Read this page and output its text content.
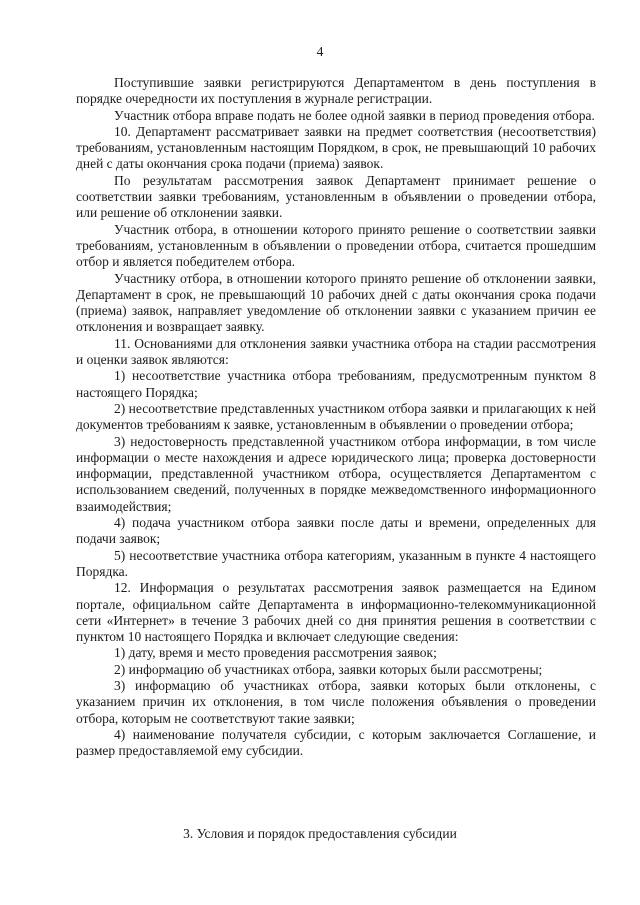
4

Поступившие заявки регистрируются Департаментом в день поступления в порядке очередности их поступления в журнале регистрации.

Участник отбора вправе подать не более одной заявки в период проведения отбора.

10. Департамент рассматривает заявки на предмет соответствия (несоответствия) требованиям, установленным настоящим Порядком, в срок, не превышающий 10 рабочих дней с даты окончания срока подачи (приема) заявок.

По результатам рассмотрения заявок Департамент принимает решение о соответствии заявки требованиям, установленным в объявлении о проведении отбора, или решение об отклонении заявки.

Участник отбора, в отношении которого принято решение о соответствии заявки требованиям, установленным в объявлении о проведении отбора, считается прошедшим отбор и является победителем отбора.

Участнику отбора, в отношении которого принято решение об отклонении заявки, Департамент в срок, не превышающий 10 рабочих дней с даты окончания срока подачи (приема) заявок, направляет уведомление об отклонении заявки с указанием причин ее отклонения и возвращает заявку.

11. Основаниями для отклонения заявки участника отбора на стадии рассмотрения и оценки заявок являются:

1) несоответствие участника отбора требованиям, предусмотренным пунктом 8 настоящего Порядка;

2) несоответствие представленных участником отбора заявки и прилагающих к ней документов требованиям к заявке, установленным в объявлении о проведении отбора;

3) недостоверность представленной участником отбора информации, в том числе информации о месте нахождения и адресе юридического лица; проверка достоверности информации, представленной участником отбора, осуществляется Департаментом с использованием сведений, полученных в порядке межведомственного информационного взаимодействия;

4) подача участником отбора заявки после даты и времени, определенных для подачи заявок;

5) несоответствие участника отбора категориям, указанным в пункте 4 настоящего Порядка.

12. Информация о результатах рассмотрения заявок размещается на Едином портале, официальном сайте Департамента в информационно-телекоммуникационной сети «Интернет» в течение 3 рабочих дней со дня принятия решения в соответствии с пунктом 10 настоящего Порядка и включает следующие сведения:

1) дату, время и место проведения рассмотрения заявок;

2) информацию об участниках отбора, заявки которых были рассмотрены;

3) информацию об участниках отбора, заявки которых были отклонены, с указанием причин их отклонения, в том числе положения объявления о проведении отбора, которым не соответствуют такие заявки;

4) наименование получателя субсидии, с которым заключается Соглашение, и размер предоставляемой ему субсидии.

3. Условия и порядок предоставления субсидии
